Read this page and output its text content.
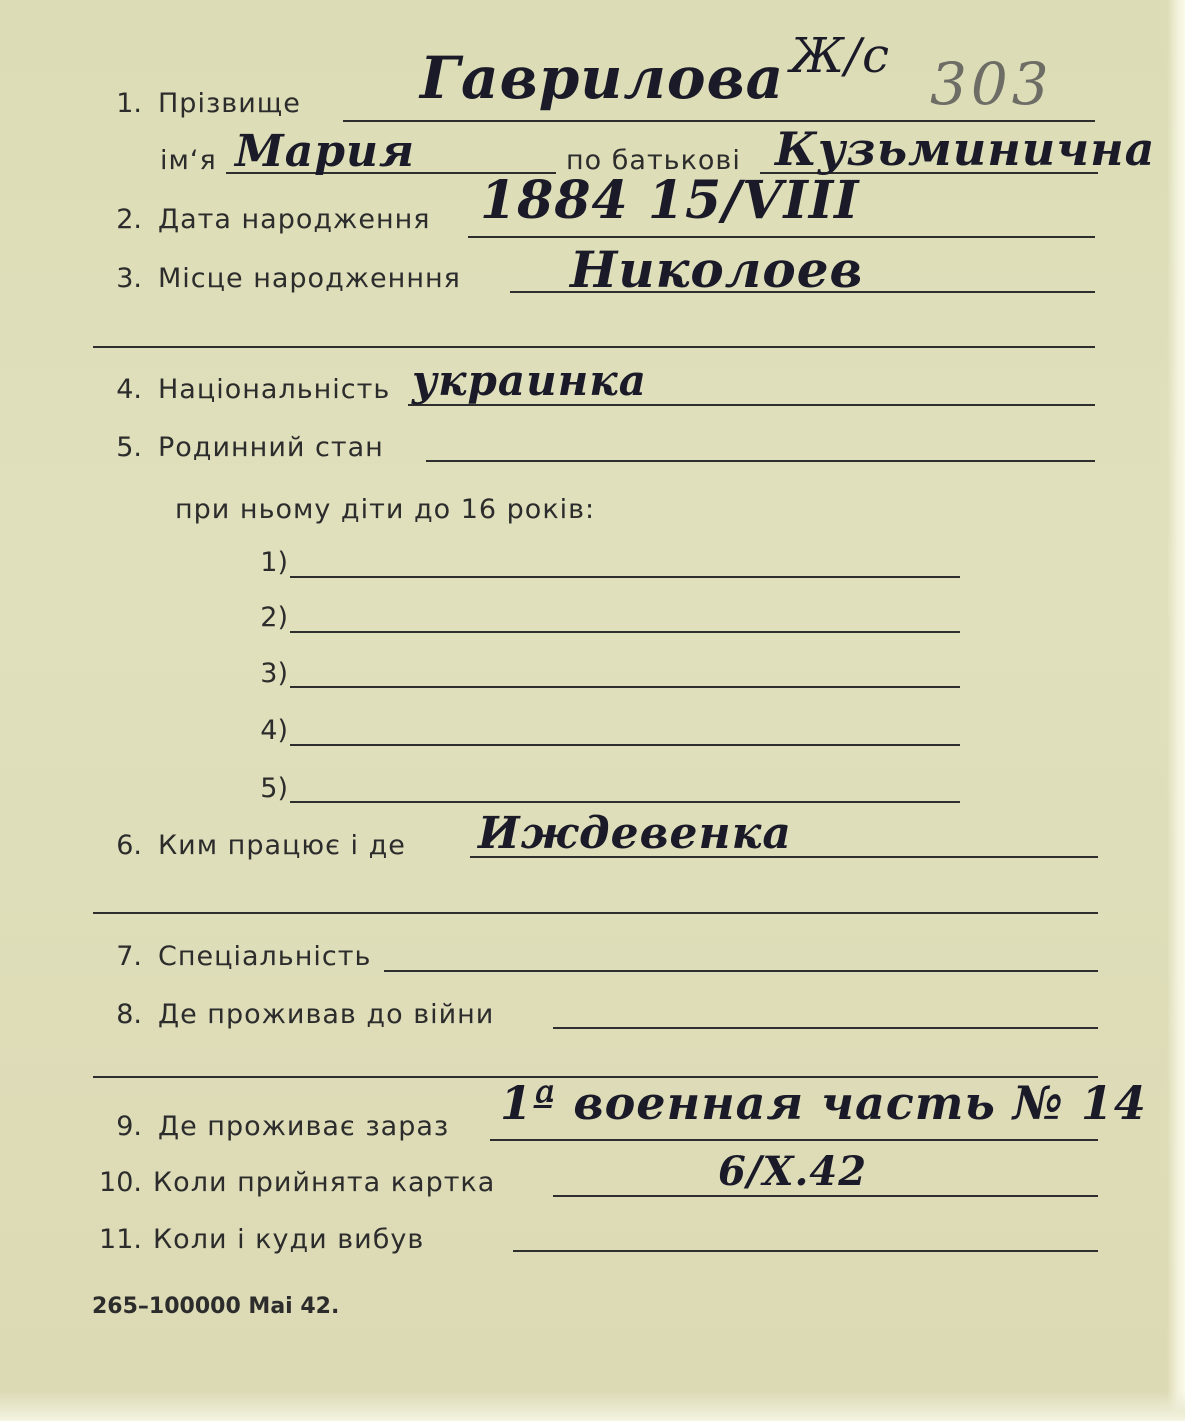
Ж/с 303
1. Прізвище Гаврилова
ім‘я Мария	по батькові Кузьминична
2. Дата народження 1884 15/VIII
3. Місце народженння Николоев
4. Національність украинка
5. Родинний стан
при ньому діти до 16 років:
1)
2)
3)
4)
5)
6. Ким працює і де Иждевенка
7. Спеціальність
8. Де проживав до війни
9. Де проживає зараз 1ª военная часть № 14
10. Коли прийнята картка	6/X.42
11. Коли і куди вибув
265–100000 Mai 42.
